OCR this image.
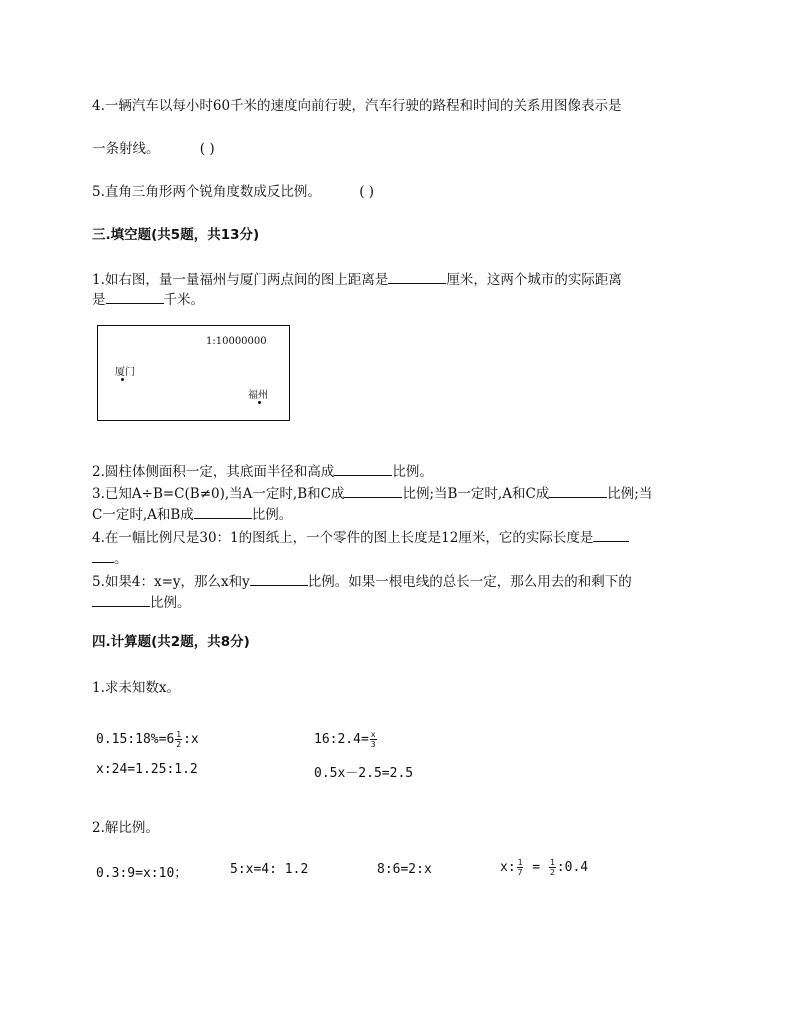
4.一辆汽车以每小时60千米的速度向前行驶，汽车行驶的路程和时间的关系用图像表示是
一条射线。	( )
5.直角三角形两个锐角度数成反比例。	( )
三.填空题(共5题，共13分)
1.如右图，量一量福州与厦门两点间的图上距离是	厘米，这两个城市的实际距离
是	千米。
1:10000000
厦门
福州
2.圆柱体侧面积一定，其底面半径和高成	比例。
3.已知A÷B=C(B≠0),当A一定时,B和C成	比例;当B一定时,A和C成	比例;当
C一定时,A和B成	比例。
4.在一幅比例尺是30：1的图纸上，一个零件的图上长度是12厘米，它的实际长度是
。
5.如果4：x=y，那么x和y	比例。如果一根电线的总长一定，那么用去的和剩下的
比例。
四.计算题(共2题，共8分)
1.求未知数x。
0.15:18%=6 $\frac{1}{2}$ :x	16:2.4= $\frac{x}{3}$
x:24=1.25:1.2	0.5x－2.5=2.5
2.解比例。
0.3:9=x:10；	5:x=4: 1.2	8:6=2:x	x: $\frac{1}{7} = \frac{1}{2}$ :0.4
